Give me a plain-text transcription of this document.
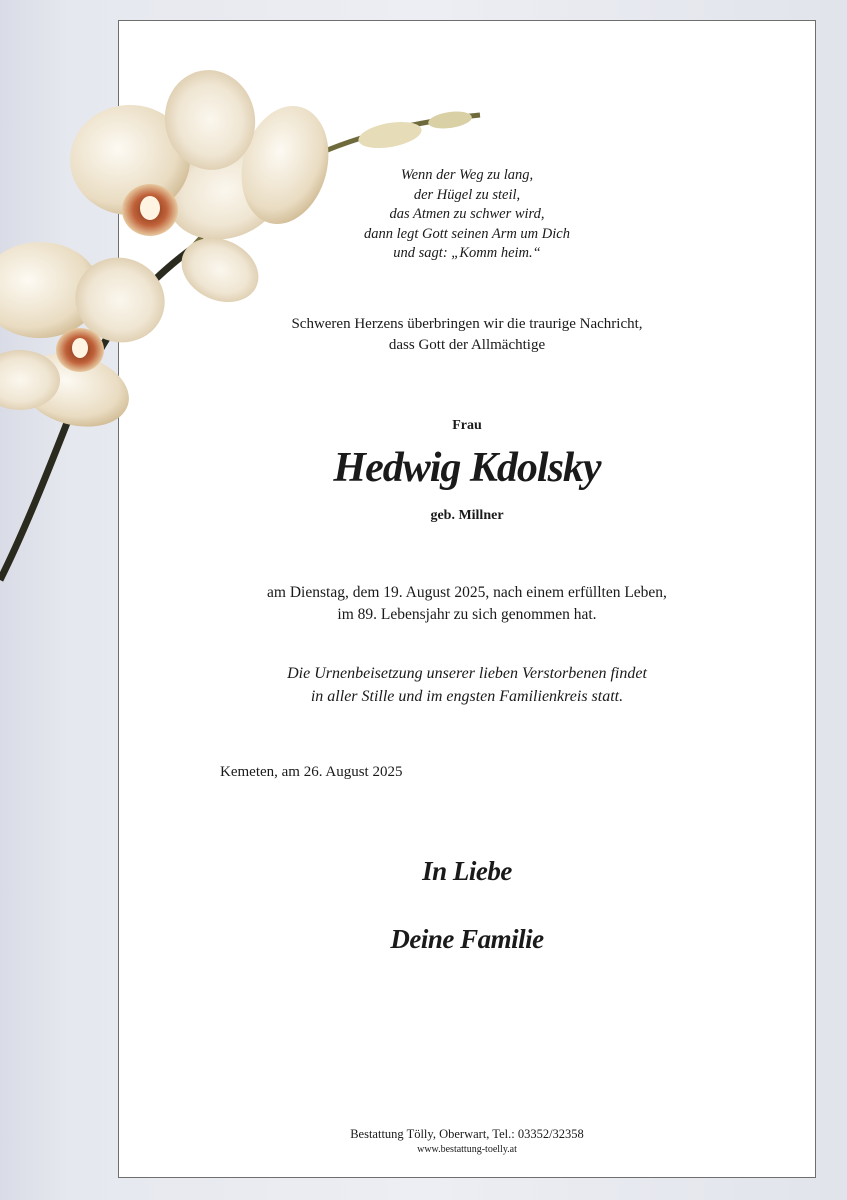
Wenn der Weg zu lang,
der Hügel zu steil,
das Atmen zu schwer wird,
dann legt Gott seinen Arm um Dich
und sagt: „Komm heim.“
Schweren Herzens überbringen wir die traurige Nachricht,
dass Gott der Allmächtige
Frau
Hedwig Kdolsky
geb. Millner
am Dienstag, dem 19. August 2025, nach einem erfüllten Leben,
im 89. Lebensjahr zu sich genommen hat.
Die Urnenbeisetzung unserer lieben Verstorbenen findet
in aller Stille und im engsten Familienkreis statt.
Kemeten, am 26. August 2025
In Liebe
Deine Familie
Bestattung Tölly, Oberwart, Tel.: 03352/32358
www.bestattung-toelly.at
